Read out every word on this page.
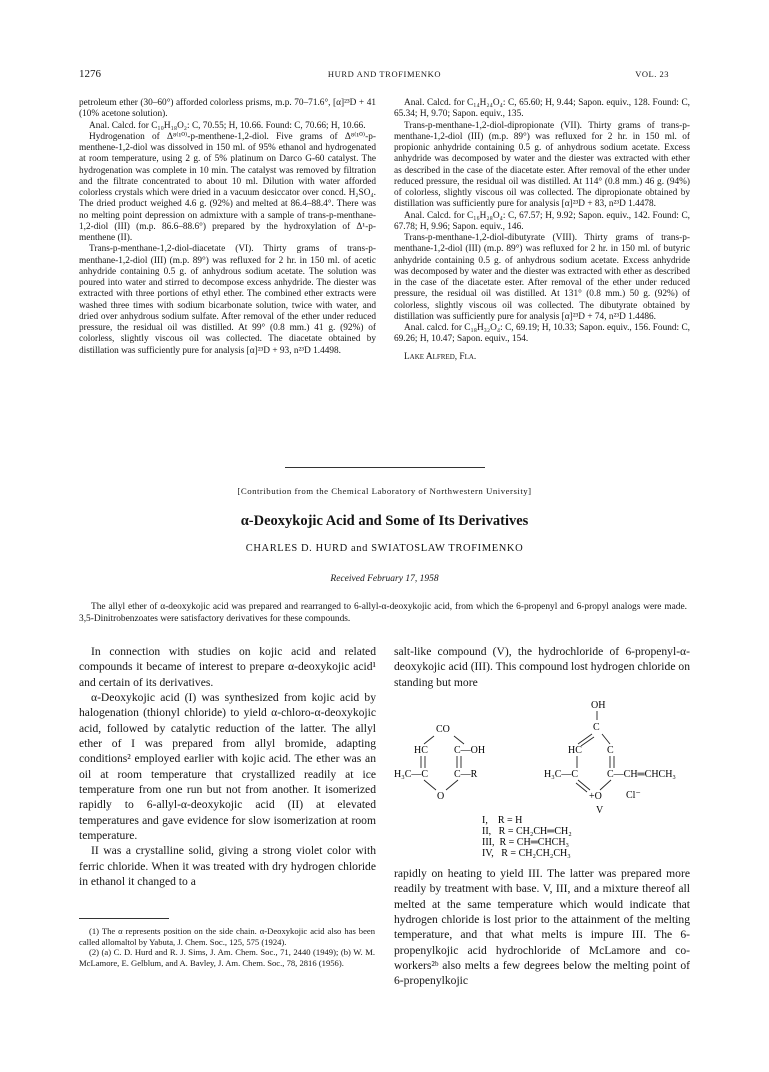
1276	HURD AND TROFIMENKO	VOL. 23

petroleum ether (30–60°) afforded colorless prisms, m.p. 70–71.6°, [α]²³D + 41 (10% acetone solution).

Anal. Calcd. for C₁₀H₁₈O₂: C, 70.55; H, 10.66. Found: C, 70.66; H, 10.66.

Hydrogenation of Δ⁸⁽¹⁰⁾-p-menthene-1,2-diol. Five grams of Δ⁸⁽¹⁰⁾-p-menthene-1,2-diol was dissolved in 150 ml. of 95% ethanol and hydrogenated at room temperature, using 2 g. of 5% platinum on Darco G-60 catalyst. The hydrogenation was complete in 10 min. The catalyst was removed by filtration and the filtrate concentrated to about 10 ml. Dilution with water afforded colorless crystals which were dried in a vacuum desiccator over concd. H₂SO₄. The dried product weighed 4.6 g. (92%) and melted at 86.4–88.4°. There was no melting point depression on admixture with a sample of trans-p-menthane-1,2-diol (III) (m.p. 86.6–88.6°) prepared by the hydroxylation of Δ¹-p-menthene (II).

Trans-p-menthane-1,2-diol-diacetate (VI). Thirty grams of trans-p-menthane-1,2-diol (III) (m.p. 89°) was refluxed for 2 hr. in 150 ml. of acetic anhydride containing 0.5 g. of anhydrous sodium acetate. The solution was poured into water and stirred to decompose excess anhydride. The diester was extracted with three portions of ethyl ether. The combined ether extracts were washed three times with sodium bicarbonate solution, twice with water, and dried over anhydrous sodium sulfate. After removal of the ether under reduced pressure, the residual oil was distilled. At 99° (0.8 mm.) 41 g. (92%) of colorless, slightly viscous oil was collected. The diacetate obtained by distillation was sufficiently pure for analysis [α]²³D + 93, n²³D 1.4498.

Anal. Calcd. for C₁₄H₂₄O₄: C, 65.60; H, 9.44; Sapon. equiv., 128. Found: C, 65.34; H, 9.70; Sapon. equiv., 135.

Trans-p-menthane-1,2-diol-dipropionate (VII). Thirty grams of trans-p-menthane-1,2-diol (III) (m.p. 89°) was refluxed for 2 hr. in 150 ml. of propionic anhydride containing 0.5 g. of anhydrous sodium acetate. Excess anhydride was decomposed by water and the diester was extracted with ether as described in the case of the diacetate ester. After removal of the ether under reduced pressure, the residual oil was distilled. At 114° (0.8 mm.) 46 g. (94%) of colorless, slightly viscous oil was collected. The dipropionate obtained by distillation was sufficiently pure for analysis [α]²³D + 83, n²³D 1.4478.

Anal. Calcd. for C₁₆H₂₈O₄: C, 67.57; H, 9.92; Sapon. equiv., 142. Found: C, 67.78; H, 9.96; Sapon. equiv., 146.

Trans-p-menthane-1,2-diol-dibutyrate (VIII). Thirty grams of trans-p-menthane-1,2-diol (III) (m.p. 89°) was refluxed for 2 hr. in 150 ml. of butyric anhydride containing 0.5 g. of anhydrous sodium acetate. Excess anhydride was decomposed by water and the diester was extracted with ether as described in the case of the diacetate ester. After removal of the ether under reduced pressure, the residual oil was distilled. At 131° (0.8 mm.) 50 g. (92%) of colorless, slightly viscous oil was collected. The dibutyrate obtained by distillation was sufficiently pure for analysis [α]²³D + 74, n²³D 1.4486.

Anal. calcd. for C₁₈H₃₂O₄: C, 69.19; H, 10.33; Sapon. equiv., 156. Found: C, 69.26; H, 10.47; Sapon. equiv., 154.

Lake Alfred, Fla.
[Contribution from the Chemical Laboratory of Northwestern University]
α-Deoxykojic Acid and Some of Its Derivatives
CHARLES D. HURD and SWIATOSLAW TROFIMENKO
Received February 17, 1958

The allyl ether of α-deoxykojic acid was prepared and rearranged to 6-allyl-α-deoxykojic acid, from which the 6-propenyl and 6-propyl analogs were made. 3,5-Dinitrobenzoates were satisfactory derivatives for these compounds.

In connection with studies on kojic acid and related compounds it became of interest to prepare α-deoxykojic acid¹ and certain of its derivatives.

α-Deoxykojic acid (I) was synthesized from kojic acid by halogenation (thionyl chloride) to yield α-chloro-α-deoxykojic acid, followed by catalytic reduction of the latter. The allyl ether of I was prepared from allyl bromide, adapting conditions² employed earlier with kojic acid. The ether was an oil at room temperature that crystallized readily at ice temperature from one run but not from another. It isomerized rapidly to 6-allyl-α-deoxykojic acid (II) at elevated temperatures and gave evidence for slow isomerization at room temperature.

II was a crystalline solid, giving a strong violet color with ferric chloride. When it was treated with dry hydrogen chloride in ethanol it changed to a

salt-like compound (V), the hydrochloride of 6-propenyl-α-deoxykojic acid (III). This compound lost hydrogen chloride on standing but more

CO
HC	C—OH
H₃C—C	C—R
O
OH
C
HC	C
H₃C—C	C—CH═CHCH₃
+O Cl⁻
V
I,    R = H
II,   R = CH₂CH═CH₂
III,  R = CH═CHCH₃
IV,   R = CH₂CH₂CH₃

rapidly on heating to yield III. The latter was prepared more readily by treatment with base. V, III, and a mixture thereof all melted at the same temperature which would indicate that hydrogen chloride is lost prior to the attainment of the melting temperature, and that what melts is impure III. The 6-propenylkojic acid hydrochloride of McLamore and co-workers²ᵇ also melts a few degrees below the melting point of 6-propenylkojic

(1) The α represents position on the side chain. α-Deoxykojic acid also has been called allomaltol by Yabuta, J. Chem. Soc., 125, 575 (1924).

(2) (a) C. D. Hurd and R. J. Sims, J. Am. Chem. Soc., 71, 2440 (1949); (b) W. M. McLamore, E. Gelblum, and A. Bavley, J. Am. Chem. Soc., 78, 2816 (1956).
